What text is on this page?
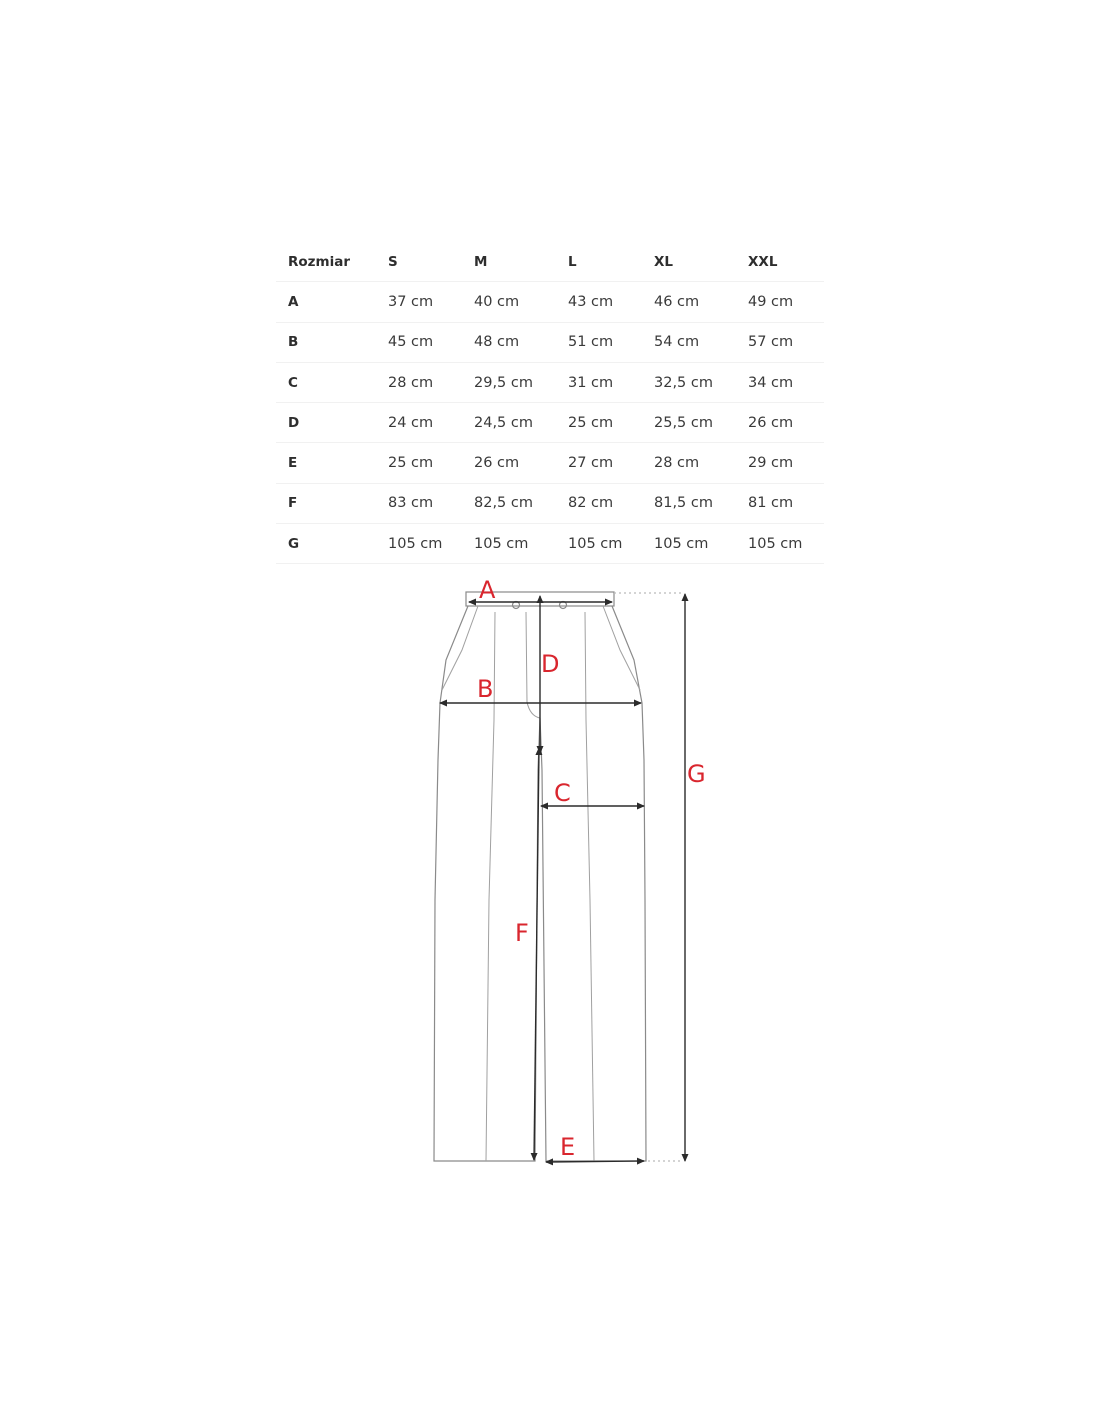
Rozmiar	S	M	L	XL	XXL
A	37 cm	40 cm	43 cm	46 cm	49 cm
B	45 cm	48 cm	51 cm	54 cm	57 cm
C	28 cm	29,5 cm	31 cm	32,5 cm	34 cm
D	24 cm	24,5 cm	25 cm	25,5 cm	26 cm
E	25 cm	26 cm	27 cm	28 cm	29 cm
F	83 cm	82,5 cm	82 cm	81,5 cm	81 cm
G	105 cm	105 cm	105 cm	105 cm	105 cm
A
B
C
D
E
F
G
